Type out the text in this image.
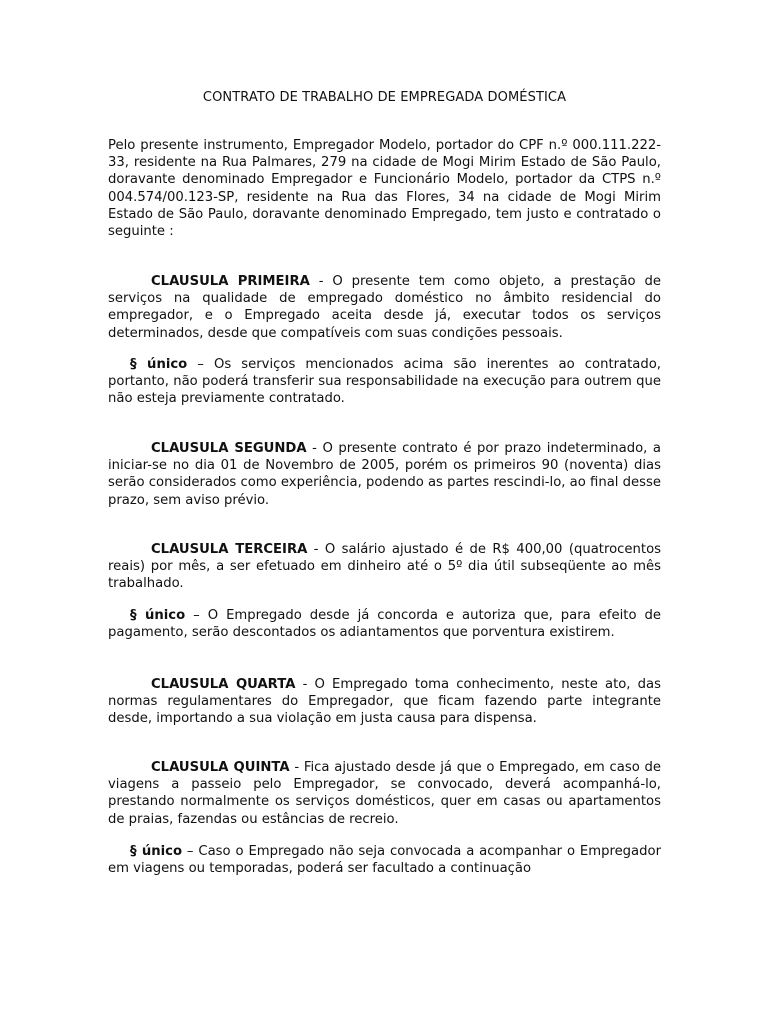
CONTRATO DE TRABALHO DE EMPREGADA DOMÉSTICA

Pelo presente instrumento, Empregador Modelo, portador do CPF n.º 000.111.222-33, residente na Rua Palmares, 279 na cidade de Mogi Mirim Estado de São Paulo, doravante denominado Empregador e Funcionário Modelo, portador da CTPS n.º 004.574/00.123-SP, residente na Rua das Flores, 34 na cidade de Mogi Mirim Estado de São Paulo, doravante denominado Empregado, tem justo e contratado o seguinte :

CLAUSULA PRIMEIRA - O presente tem como objeto, a prestação de serviços na qualidade de empregado doméstico no âmbito residencial do empregador, e o Empregado aceita desde já, executar todos os serviços determinados, desde que compatíveis com suas condições pessoais.

§ único – Os serviços mencionados acima são inerentes ao contratado, portanto, não poderá transferir sua responsabilidade na execução para outrem que não esteja previamente contratado.

CLAUSULA SEGUNDA - O presente contrato é por prazo indeterminado, a iniciar-se no dia 01 de Novembro de 2005, porém os primeiros 90 (noventa) dias serão considerados como experiência, podendo as partes rescindi-lo, ao final desse prazo, sem aviso prévio.

CLAUSULA TERCEIRA - O salário ajustado é de R$ 400,00 (quatrocentos reais) por mês, a ser efetuado em dinheiro até o 5º dia útil subseqüente ao mês trabalhado.

§ único – O Empregado desde já concorda e autoriza que, para efeito de pagamento, serão descontados os adiantamentos que porventura existirem.

CLAUSULA QUARTA - O Empregado toma conhecimento, neste ato, das normas regulamentares do Empregador, que ficam fazendo parte integrante desde, importando a sua violação em justa causa para dispensa.

CLAUSULA QUINTA - Fica ajustado desde já que o Empregado, em caso de viagens a passeio pelo Empregador, se convocado, deverá acompanhá-lo, prestando normalmente os serviços domésticos, quer em casas ou apartamentos de praias, fazendas ou estâncias de recreio.

§ único – Caso o Empregado não seja convocada a acompanhar o Empregador em viagens ou temporadas, poderá ser facultado a continuação
